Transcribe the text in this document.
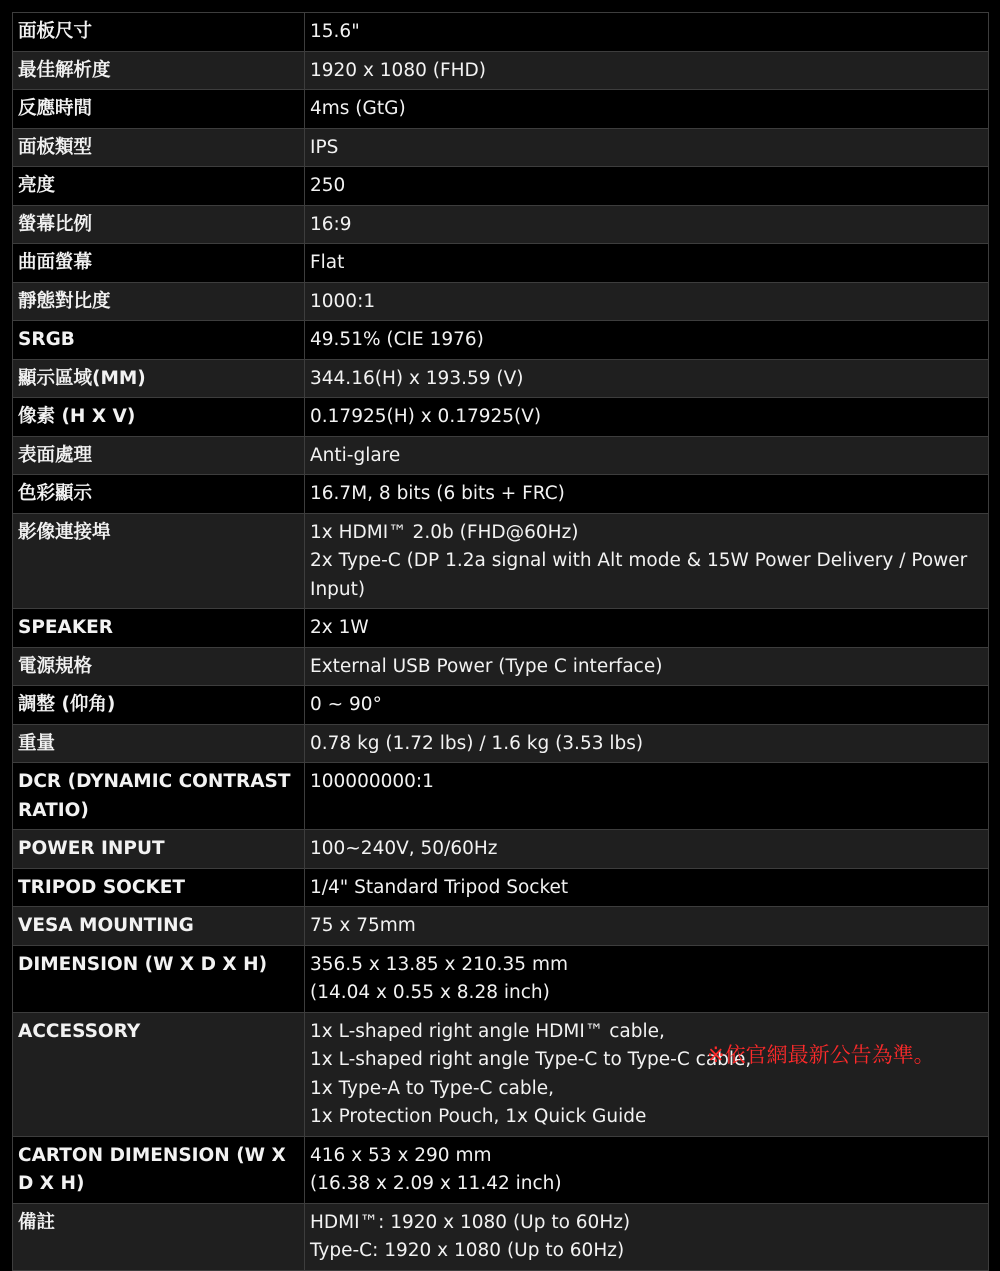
面板尺寸	15.6"

最佳解析度	1920 x 1080 (FHD)

反應時間	4ms (GtG)

面板類型	IPS

亮度	250

螢幕比例	16:9

曲面螢幕	Flat

靜態對比度	1000:1

SRGB	49.51% (CIE 1976)

顯示區域(MM)	344.16(H) x 193.59 (V)

像素 (H X V)	0.17925(H) x 0.17925(V)

表面處理	Anti-glare

色彩顯示	16.7M, 8 bits (6 bits + FRC)

影像連接埠	1x HDMI™ 2.0b (FHD@60Hz)
2x Type-C (DP 1.2a signal with Alt mode & 15W Power Delivery / Power Input)

SPEAKER	2x 1W

電源規格	External USB Power (Type C interface)

調整 (仰角)	0 ~ 90°

重量	0.78 kg (1.72 lbs) / 1.6 kg (3.53 lbs)

DCR (DYNAMIC CONTRAST RATIO)	100000000:1

POWER INPUT	100~240V, 50/60Hz

TRIPOD SOCKET	1/4" Standard Tripod Socket

VESA MOUNTING	75 x 75mm

DIMENSION (W X D X H)	356.5 x 13.85 x 210.35 mm
(14.04 x 0.55 x 8.28 inch)

ACCESSORY	1x L-shaped right angle HDMI™ cable,
1x L-shaped right angle Type-C to Type-C cable,
1x Type-A to Type-C cable,
1x Protection Pouch, 1x Quick Guide

CARTON DIMENSION (W X D X H)	416 x 53 x 290 mm
(16.38 x 2.09 x 11.42 inch)

備註	HDMI™: 1920 x 1080 (Up to 60Hz)
Type-C: 1920 x 1080 (Up to 60Hz)
※依官網最新公告為準。
